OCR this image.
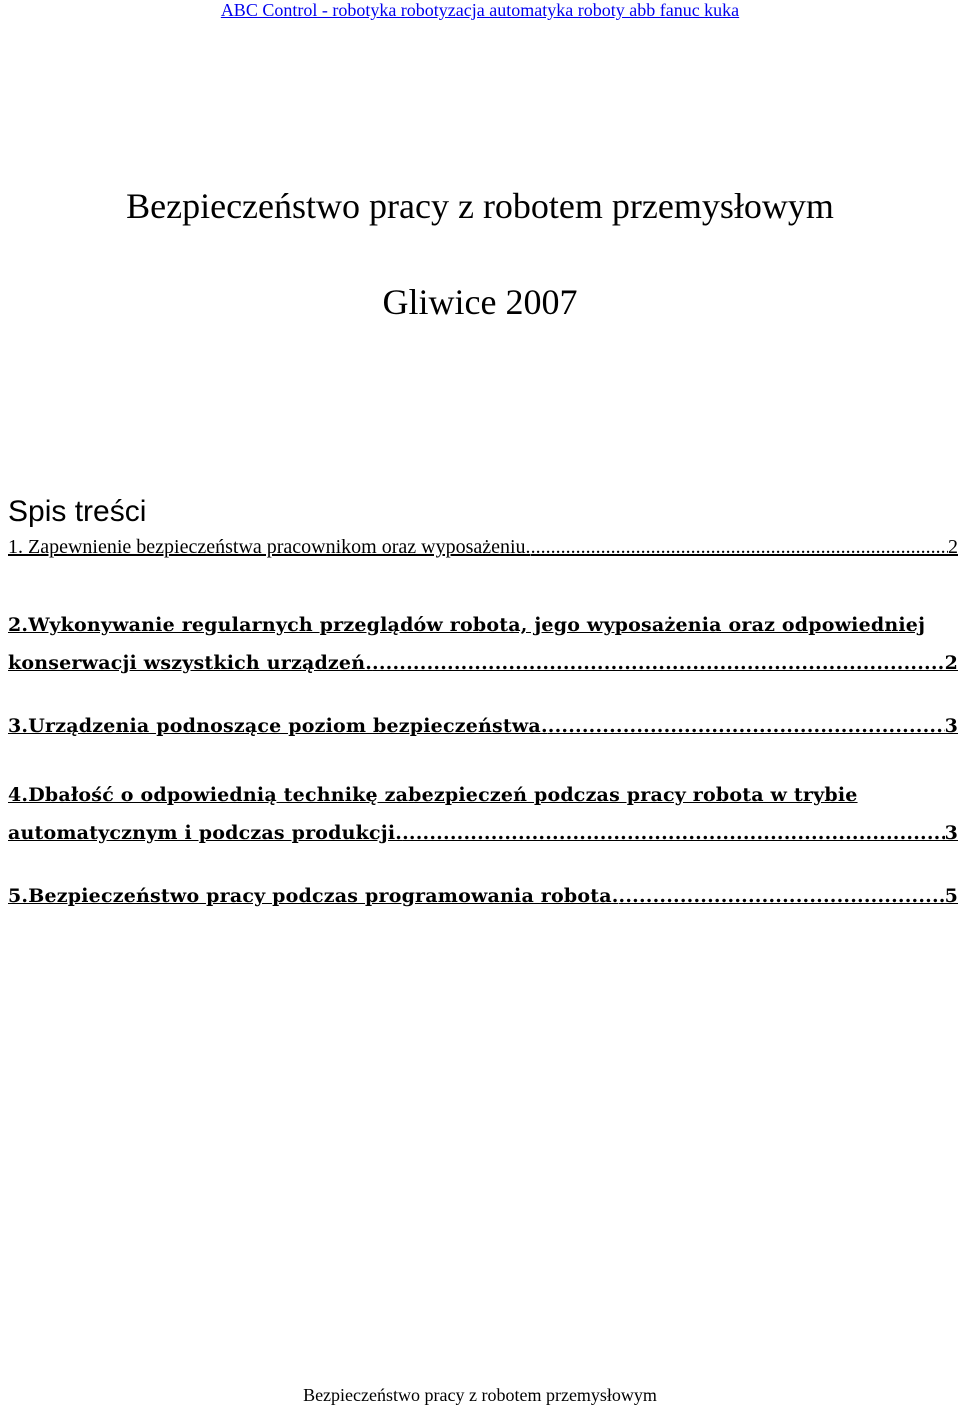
ABC Control - robotyka robotyzacja automatyka roboty abb fanuc kuka
Bezpieczeństwo pracy z robotem przemysłowym
Gliwice 2007
Spis treści
1. Zapewnienie bezpieczeństwa pracownikom oraz wyposażeniu. .....	2
2.Wykonywanie regularnych przeglądów robota, jego wyposażenia oraz odpowiedniej
konserwacji wszystkich urządzeń. .....	2
3.Urządzenia podnoszące poziom bezpieczeństwa. .....	3
4.Dbałość o odpowiednią technikę zabezpieczeń podczas pracy robota w trybie
automatycznym i podczas produkcji. .....	3
5.Bezpieczeństwo pracy podczas programowania robota. .....	5
Bezpieczeństwo pracy z robotem przemysłowym
